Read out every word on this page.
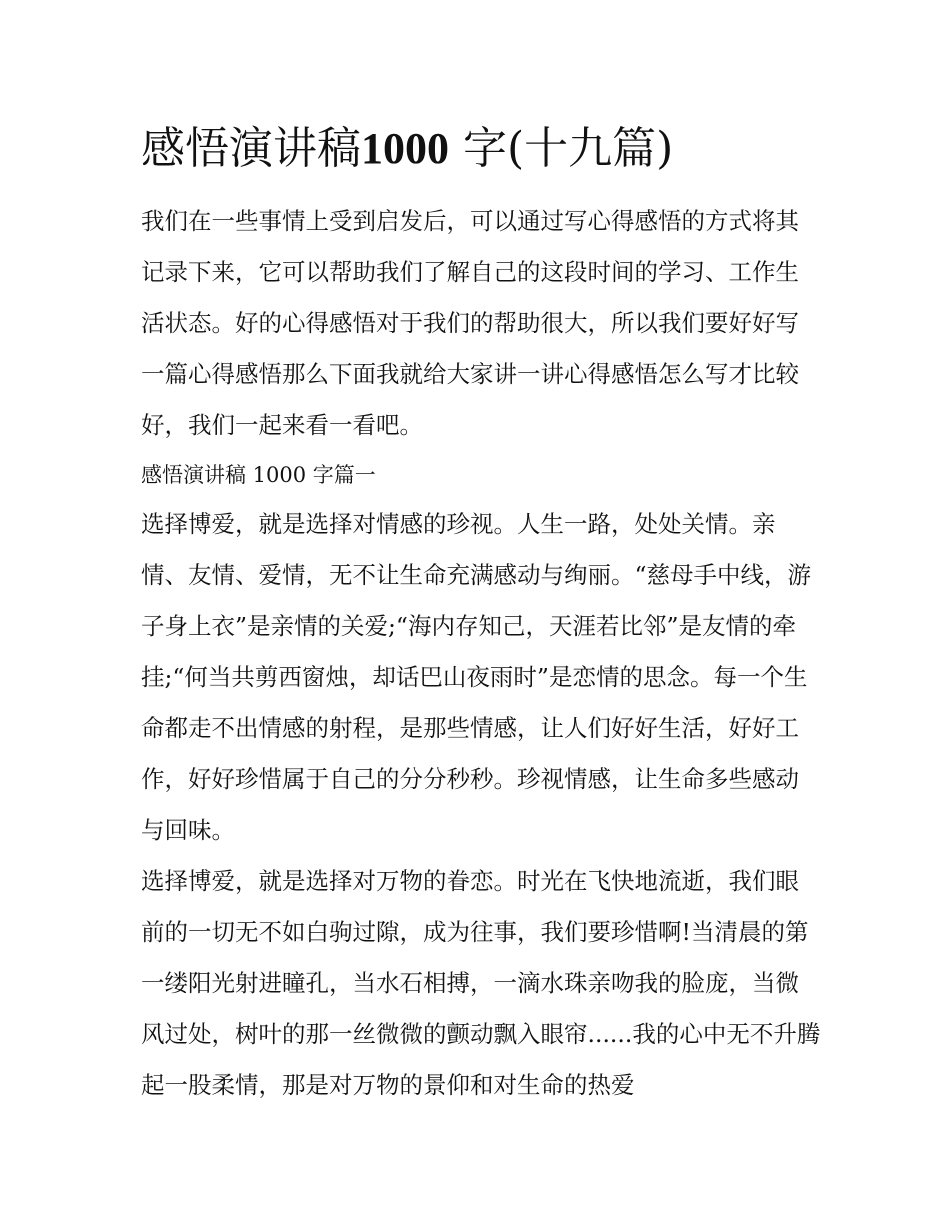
感悟演讲稿1000 字(十九篇)

我们在一些事情上受到启发后，可以通过写心得感悟的方式将其记录下来，它可以帮助我们了解自己的这段时间的学习、工作生活状态。好的心得感悟对于我们的帮助很大，所以我们要好好写一篇心得感悟那么下面我就给大家讲一讲心得感悟怎么写才比较好，我们一起来看一看吧。

感悟演讲稿 1000 字篇一

选择博爱，就是选择对情感的珍视。人生一路，处处关情。亲情、友情、爱情，无不让生命充满感动与绚丽。“慈母手中线，游子身上衣”是亲情的关爱;“海内存知己，天涯若比邻”是友情的牵挂;“何当共剪西窗烛，却话巴山夜雨时”是恋情的思念。每一个生命都走不出情感的射程，是那些情感，让人们好好生活，好好工作，好好珍惜属于自己的分分秒秒。珍视情感，让生命多些感动与回味。

选择博爱，就是选择对万物的眷恋。时光在飞快地流逝，我们眼前的一切无不如白驹过隙，成为往事，我们要珍惜啊!当清晨的第一缕阳光射进瞳孔，当水石相搏，一滴水珠亲吻我的脸庞，当微风过处，树叶的那一丝微微的颤动飘入眼帘......我的心中无不升腾起一股柔情，那是对万物的景仰和对生命的热爱
